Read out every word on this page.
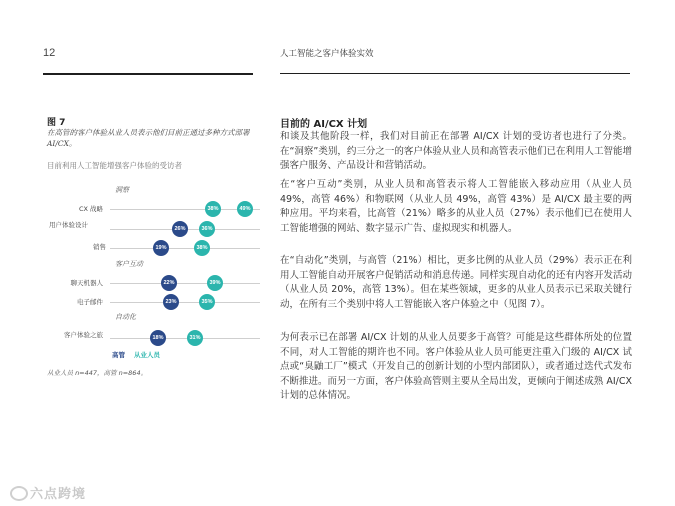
12	人工智能之客户体验实效
图 7
在高管的客户体验从业人员表示他们目前正通过多种方式部署 AI/CX。
目前利用人工智能增强客户体验的受访者
洞察
CX 战略	38%	49%
用户体验设计	26%	36%
销售	19%	38%
客户互动
聊天机器人	22%	39%
电子邮件	23%	35%
自动化
客户体验之旅	18%	31%
高管 从业人员
从业人员 n=447，高管 n=864。
目前的 AI/CX 计划
和谈及其他阶段一样，我们对目前正在部署 AI/CX 计划的受访者也进行了分类。在“洞察”类别，约三分之一的客户体验从业人员和高管表示他们已在利用人工智能增强客户服务、产品设计和营销活动。
在“客户互动”类别，从业人员和高管表示将人工智能嵌入移动应用（从业人员 49%，高管 46%）和物联网（从业人员 49%，高管 43%）是 AI/CX 最主要的两种应用。平均来看，比高管（21%）略多的从业人员（27%）表示他们已在使用人工智能增强的网站、数字显示广告、虚拟现实和机器人。
在“自动化”类别，与高管（21%）相比，更多比例的从业人员（29%）表示正在利用人工智能自动开展客户促销活动和消息传递。同样实现自动化的还有内容开发活动（从业人员 20%，高管 13%）。但在某些领域，更多的从业人员表示已采取关键行动，在所有三个类别中将人工智能嵌入客户体验之中（见图 7）。
为何表示已在部署 AI/CX 计划的从业人员要多于高管？可能是这些群体所处的位置不同，对人工智能的期许也不同。客户体验从业人员可能更注重入门级的 AI/CX 试点或“臭鼬工厂”模式（开发自己的创新计划的小型内部团队），或者通过迭代式发布不断推进。而另一方面，客户体验高管则主要从全局出发，更倾向于阐述成熟 AI/CX 计划的总体情况。
六点跨境
